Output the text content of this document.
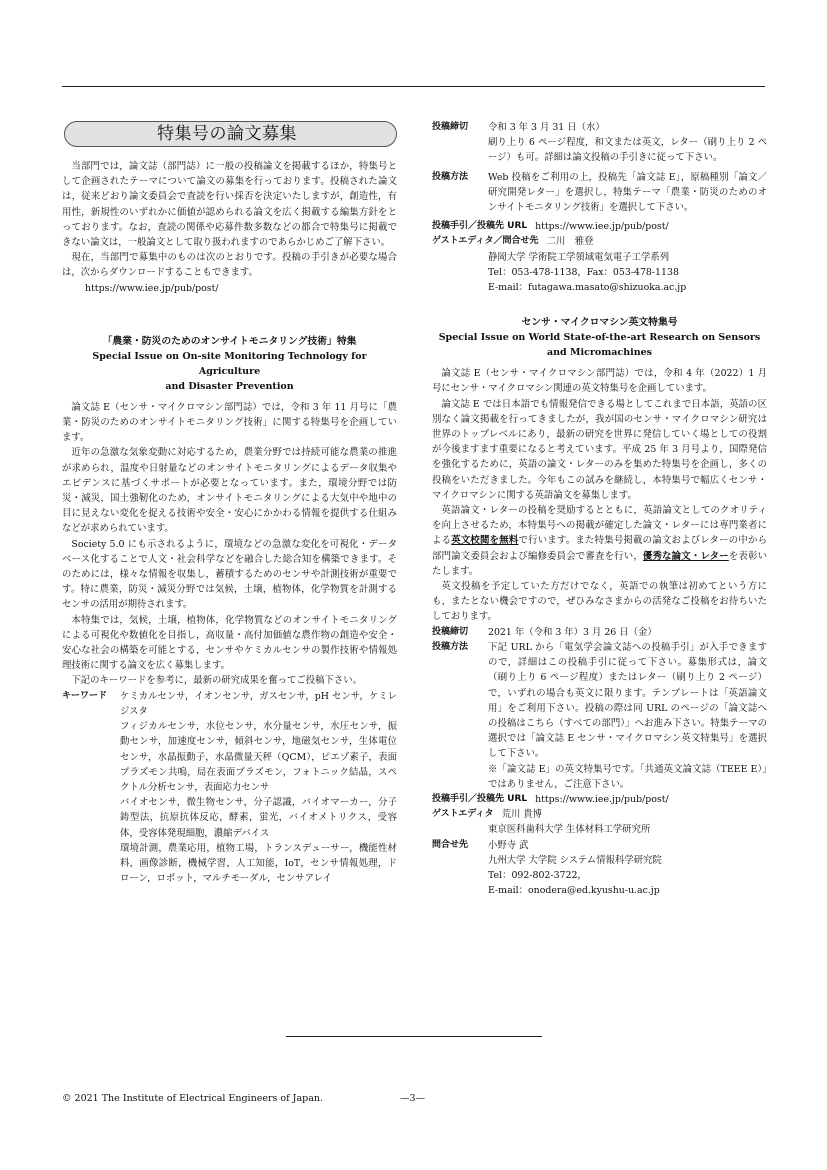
特集号の論文募集

当部門では，論文誌（部門誌）に一般の投稿論文を掲載するほか，特集号として企画されたテーマについて論文の募集を行っております。投稿された論文は，従来どおり論文委員会で査読を行い採否を決定いたしますが，創造性，有用性，新規性のいずれかに価値が認められる論文を広く掲載する編集方針をとっております。なお，査読の関係や応募件数多数などの都合で特集号に掲載できない論文は，一般論文として取り扱われますのであらかじめご了解下さい。

現在，当部門で募集中のものは次のとおりです。投稿の手引きが必要な場合は，次からダウンロードすることもできます。

https://www.iee.jp/pub/post/
「農業・防災のためのオンサイトモニタリング技術」特集
Special Issue on On-site Monitoring Technology for Agriculture
and Disaster Prevention

論文誌 E（センサ・マイクロマシン部門誌）では，令和 3 年 11 月号に「農業・防災のためのオンサイトモニタリング技術」に関する特集号を企画しています。

近年の急激な気象変動に対応するため，農業分野では持続可能な農業の推進が求められ，温度や日射量などのオンサイトモニタリングによるデータ収集やエビデンスに基づくサポートが必要となっています。また，環境分野では防災・減災，国土強靭化のため，オンサイトモニタリングによる大気中や地中の目に見えない変化を捉える技術や安全・安心にかかわる情報を提供する仕組みなどが求められています。

Society 5.0 にも示されるように，環境などの急激な変化を可視化・データベース化することで人文・社会科学などを融合した総合知を構築できます。そのためには，様々な情報を収集し，蓄積するためのセンサや計測技術が重要です。特に農業，防災・減災分野では気候，土壌，植物体，化学物質を計測するセンサの活用が期待されます。

本特集では，気候，土壌，植物体，化学物質などのオンサイトモニタリングによる可視化や数値化を目指し，高収量・高付加価値な農作物の創造や安全・安心な社会の構築を可能とする，センサやケミカルセンサの製作技術や情報処理技術に関する論文を広く募集します。

下記のキーワードを参考に，最新の研究成果を奮ってご投稿下さい。

キーワード	ケミカルセンサ，イオンセンサ，ガスセンサ，pH センサ，ケミレジスタ
フィジカルセンサ，水位センサ，水分量センサ，水圧センサ，振動センサ，加速度センサ，傾斜センサ，地磁気センサ，生体電位センサ，水晶振動子，水晶微量天秤（QCM），ピエゾ素子，表面プラズモン共鳴，局在表面プラズモン，フォトニック結晶，スペクトル分析センサ，表面応力センサ
バイオセンサ，微生物センサ，分子認識，バイオマーカー，分子鋳型法，抗原抗体反応，酵素，蛍光，バイオメトリクス，受容体，受容体発現細胞，濃縮デバイス
環境計測，農業応用，植物工場，トランスデューサー，機能性材料，画像診断，機械学習，人工知能，IoT，センサ情報処理，ドローン，ロボット，マルチモーダル，センサアレイ
投稿締切	令和 3 年 3 月 31 日（水）
刷り上り 6 ページ程度，和文または英文，レター（刷り上り 2 ページ）も可。詳細は論文投稿の手引きに従って下さい。
投稿方法	Web 投稿をご利用の上，投稿先「論文誌 E」，原稿種別「論文／研究開発レター」を選択し，特集テーマ「農業・防災のためのオンサイトモニタリング技術」を選択して下さい。
投稿手引／投稿先 URL https://www.iee.jp/pub/post/
ゲストエディタ／問合せ先 二川　雅登
静岡大学 学術院工学領域電気電子工学系列
Tel：053-478-1138，Fax：053-478-1138
E-mail：futagawa.masato@shizuoka.ac.jp
センサ・マイクロマシン英文特集号
Special Issue on World State-of-the-art Research on Sensors
and Micromachines

論文誌 E（センサ・マイクロマシン部門誌）では，令和 4 年（2022）1 月号にセンサ・マイクロマシン関連の英文特集号を企画しています。

論文誌 E では日本語でも情報発信できる場としてこれまで日本語，英語の区別なく論文掲載を行ってきましたが，我が国のセンサ・マイクロマシン研究は世界のトップレベルにあり，最新の研究を世界に発信していく場としての役割が今後ますます重要になると考えています。平成 25 年 3 月号より，国際発信を強化するために，英語の論文・レターのみを集めた特集号を企画し，多くの投稿をいただきました。今年もこの試みを継続し，本特集号で幅広くセンサ・マイクロマシンに関する英語論文を募集します。

英語論文・レターの投稿を奨励するとともに，英語論文としてのクオリティを向上させるため，本特集号への掲載が確定した論文・レターには専門業者による英文校閲を無料で行います。また特集号掲載の論文およびレターの中から部門論文委員会および編修委員会で審査を行い，優秀な論文・レターを表彰いたします。

英文投稿を予定していた方だけでなく，英語での執筆は初めてという方にも，またとない機会ですので，ぜひみなさまからの活発なご投稿をお待ちいたしております。

投稿締切	2021 年（令和 3 年）3 月 26 日（金）
投稿方法	下記 URL から「電気学会論文誌への投稿手引」が入手できますので，詳細はこの投稿手引に従って下さい。募集形式は，論文（刷り上り 6 ページ程度）またはレター（刷り上り 2 ページ）で，いずれの場合も英文に限ります。テンプレートは「英語論文用」をご利用下さい。投稿の際は同 URL のページの「論文誌への投稿はこちら（すべての部門）」へお進み下さい。特集テーマの選択では「論文誌 E センサ・マイクロマシン英文特集号」を選択して下さい。
※「論文誌 E」の英文特集号です。「共通英文論文誌（TEEE E）」ではありません，ご注意下さい。
投稿手引／投稿先 URL https://www.iee.jp/pub/post/
ゲストエディタ 荒川 貴博
東京医科歯科大学 生体材料工学研究所
問合せ先	小野寺 武
九州大学 大学院 システム情報科学研究院
Tel：092-802-3722，
E-mail：onodera@ed.kyushu-u.ac.jp
© 2021 The Institute of Electrical Engineers of Japan.	—3—
